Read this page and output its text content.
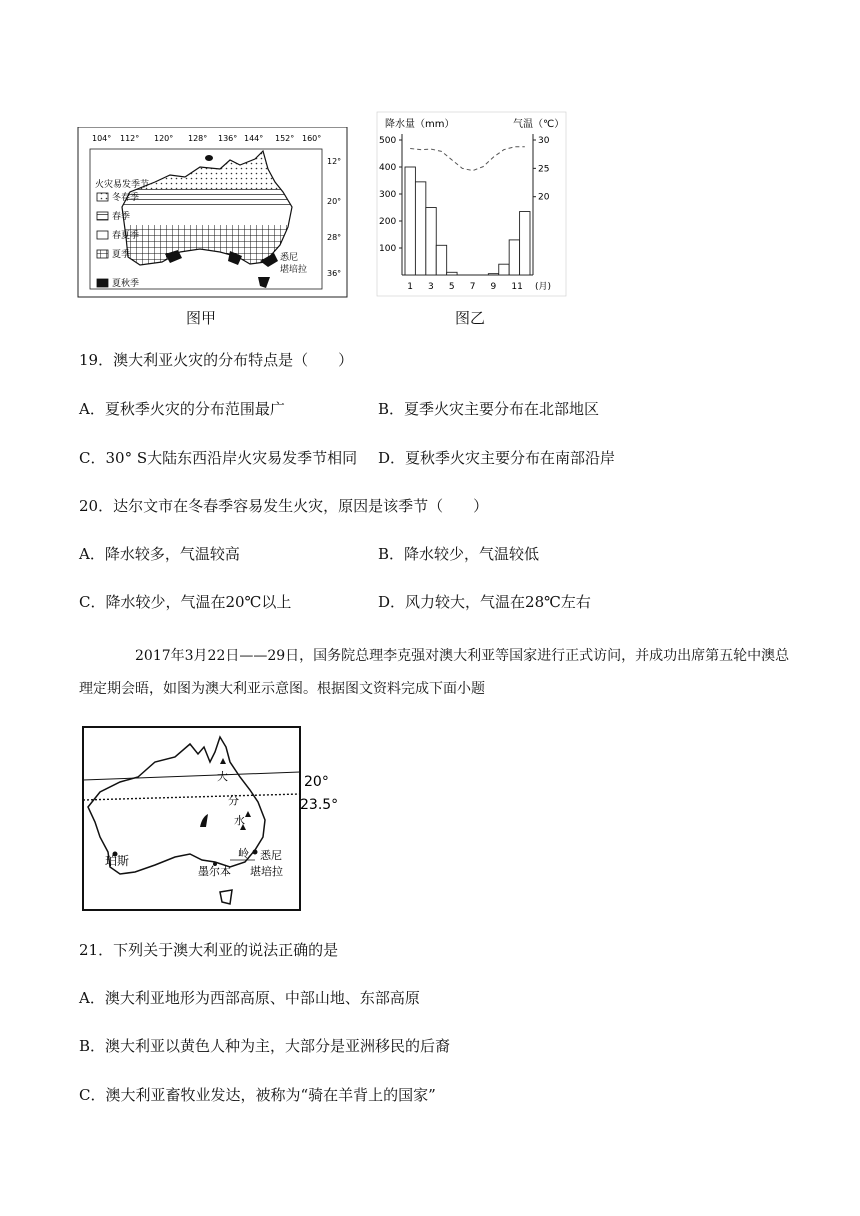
火灾易发季节
冬春季
春季
春夏季
夏季
夏秋季
104° 112° 120° 128° 136° 144° 152° 160°
12°
20°
28°
36°
悉尼
堪培拉
图甲
降水量（mm）	气温（℃）
500
400
300
200
100
30
25
20
1 3 5 7 9 11 (月)
图乙
19．澳大利亚火灾的分布特点是（　　）
A．夏秋季火灾的分布范围最广	B．夏季火灾主要分布在北部地区
C．30° S大陆东西沿岸火灾易发季节相同 D．夏秋季火灾主要分布在南部沿岸
20．达尔文市在冬春季容易发生火灾，原因是该季节（　　）
A．降水较多，气温较高	B．降水较少，气温较低
C．降水较少，气温在20℃以上	D．风力较大，气温在28℃左右
2017年3月22日——29日，国务院总理李克强对澳大利亚等国家进行正式访问，并成功出席第五轮中澳总理定期会晤，如图为澳大利亚示意图。根据图文资料完成下面小题
20°
23.5°
大
分
水
岭
珀斯
墨尔本
悉尼
堪培拉
21．下列关于澳大利亚的说法正确的是
A．澳大利亚地形为西部高原、中部山地、东部高原
B．澳大利亚以黄色人种为主，大部分是亚洲移民的后裔
C．澳大利亚畜牧业发达，被称为“骑在羊背上的国家”
